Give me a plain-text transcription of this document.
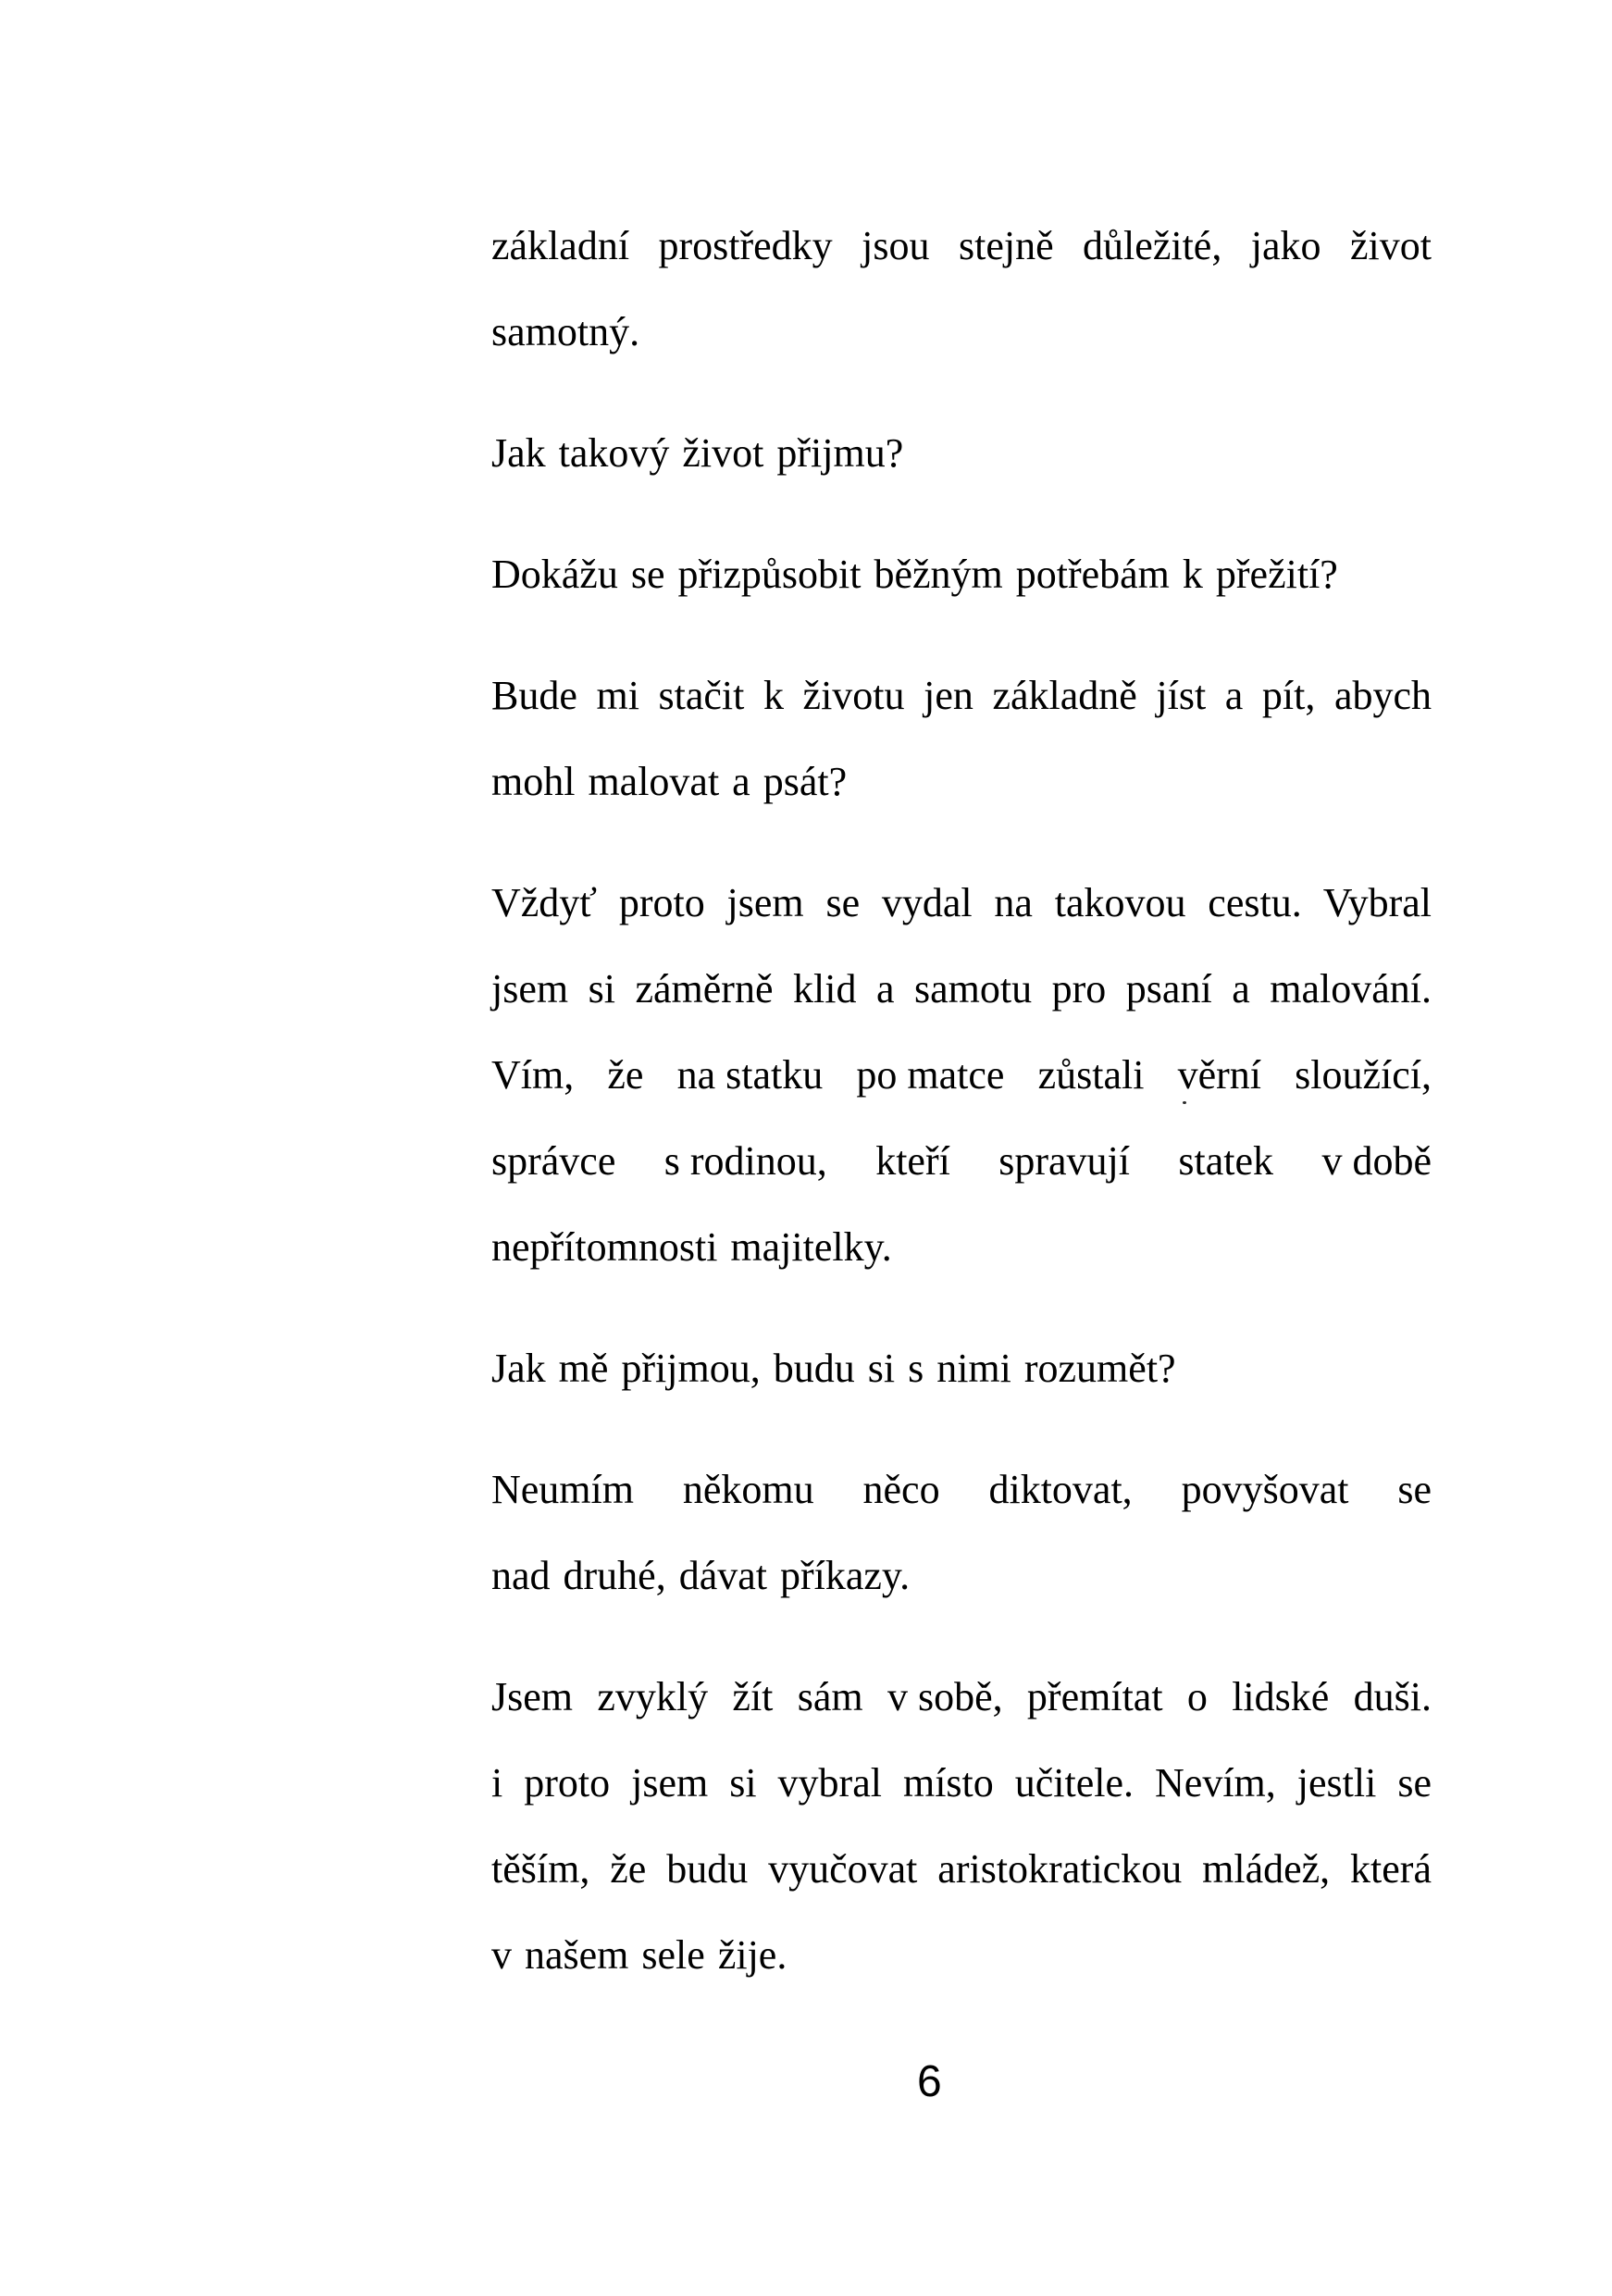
základní prostředky jsou stejně důležité, jako život
samotný.
Jak takový život přijmu?
Dokážu se přizpůsobit běžným potřebám k přežití?
Bude mi stačit k životu jen základně jíst a pít, abych
mohl malovat a psát?
Vždyť proto jsem se vydal na takovou cestu. Vybral
jsem si záměrně klid a samotu pro psaní a malování.
Vím, že na statku po matce zůstali věrní sloužící,
správce s rodinou, kteří spravují statek v době
nepřítomnosti majitelky.
Jak mě přijmou, budu si s nimi rozumět?
Neumím někomu něco diktovat, povyšovat se
nad druhé, dávat příkazy.
Jsem zvyklý žít sám v sobě, přemítat o lidské duši.
i proto jsem si vybral místo učitele. Nevím, jestli se
těším, že budu vyučovat aristokratickou mládež, která
v našem sele žije.
6
